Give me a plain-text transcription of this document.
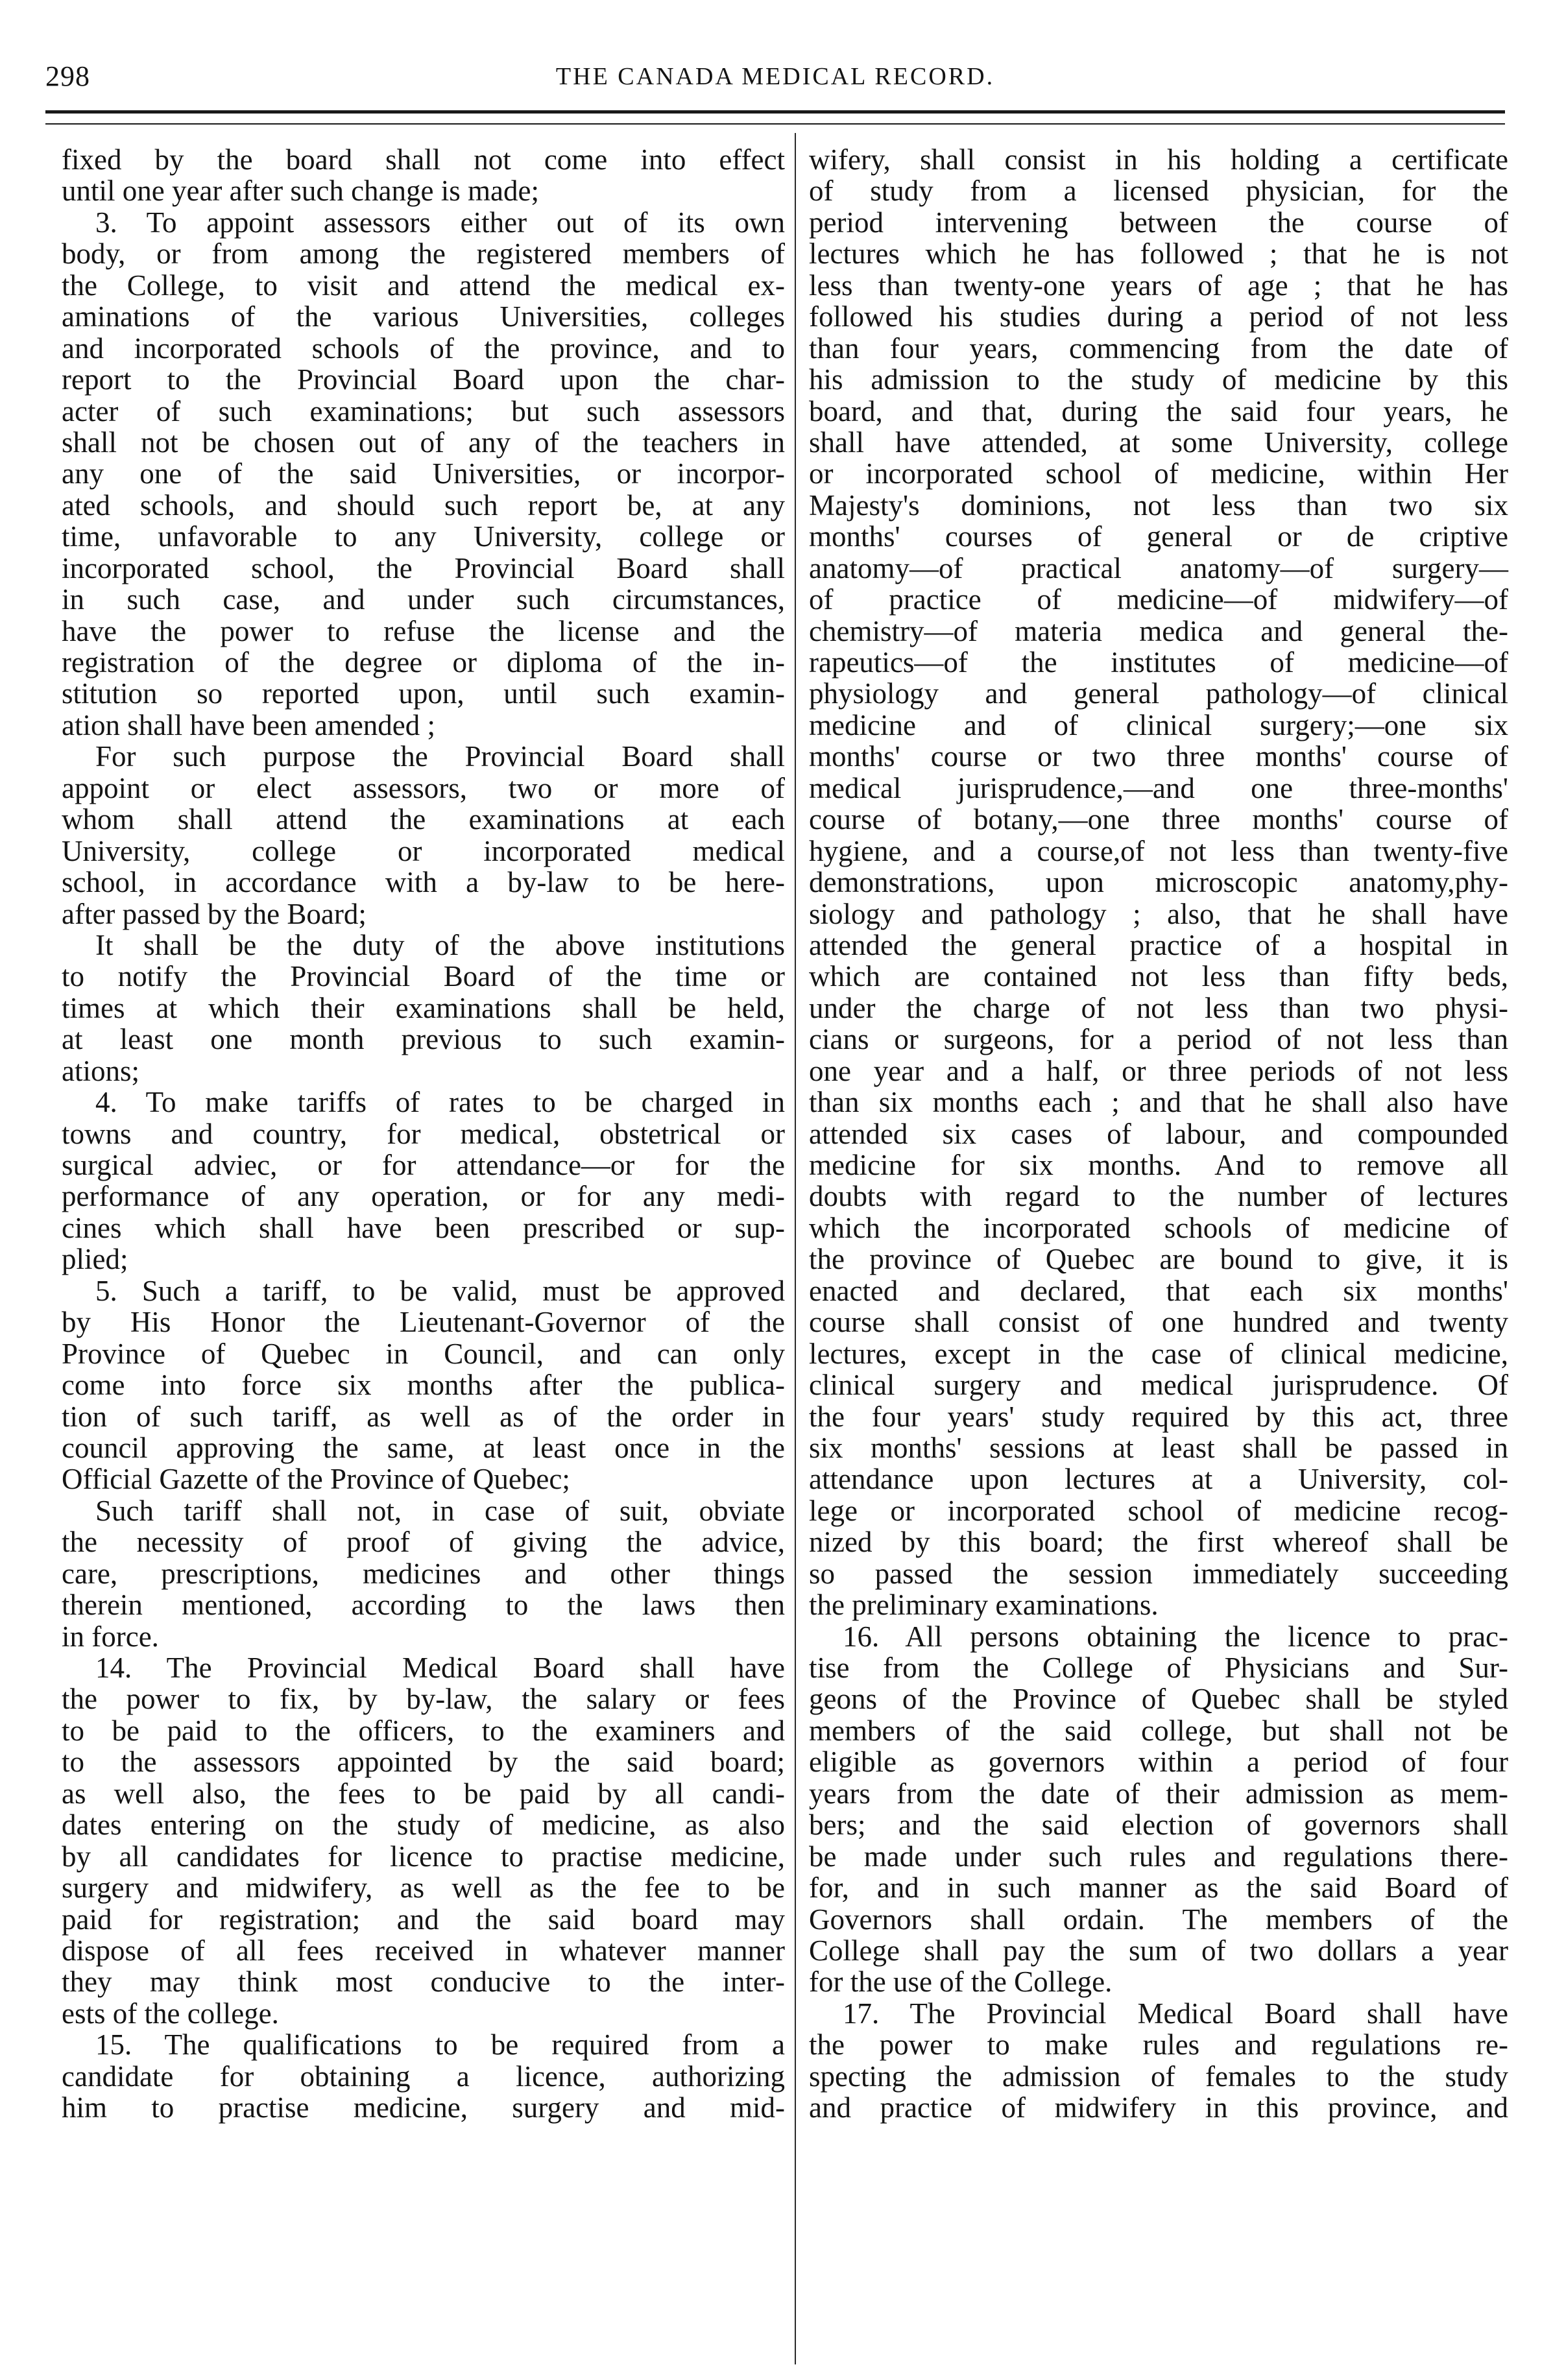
298	THE CANADA MEDICAL RECORD.
fixed by the board shall not come into effect
until one year after such change is made;
3. To appoint assessors either out of its own
body, or from among the registered members of
the College, to visit and attend the medical ex-
aminations of the various Universities, colleges
and incorporated schools of the province, and to
report to the Provincial Board upon the char-
acter of such examinations; but such assessors
shall not be chosen out of any of the teachers in
any one of the said Universities, or incorpor-
ated schools, and should such report be, at any
time, unfavorable to any University, college or
incorporated school, the Provincial Board shall
in such case, and under such circumstances,
have the power to refuse the license and the
registration of the degree or diploma of the in-
stitution so reported upon, until such examin-
ation shall have been amended ;
For such purpose the Provincial Board shall
appoint or elect assessors, two or more of
whom shall attend the examinations at each
University, college or incorporated medical
school, in accordance with a by-law to be here-
after passed by the Board;
It shall be the duty of the above institutions
to notify the Provincial Board of the time or
times at which their examinations shall be held,
at least one month previous to such examin-
ations;
4. To make tariffs of rates to be charged in
towns and country, for medical, obstetrical or
surgical adviec, or for attendance—or for the
performance of any operation, or for any medi-
cines which shall have been prescribed or sup-
plied;
5. Such a tariff, to be valid, must be approved
by His Honor the Lieutenant-Governor of the
Province of Quebec in Council, and can only
come into force six months after the publica-
tion of such tariff, as well as of the order in
council approving the same, at least once in the
Official Gazette of the Province of Quebec;
Such tariff shall not, in case of suit, obviate
the necessity of proof of giving the advice,
care, prescriptions, medicines and other things
therein mentioned, according to the laws then
in force.
14. The Provincial Medical Board shall have
the power to fix, by by-law, the salary or fees
to be paid to the officers, to the examiners and
to the assessors appointed by the said board;
as well also, the fees to be paid by all candi-
dates entering on the study of medicine, as also
by all candidates for licence to practise medicine,
surgery and midwifery, as well as the fee to be
paid for registration; and the said board may
dispose of all fees received in whatever manner
they may think most conducive to the inter-
ests of the college.
15. The qualifications to be required from a
candidate for obtaining a licence, authorizing
him to practise medicine, surgery and mid-
wifery, shall consist in his holding a certificate
of study from a licensed physician, for the
period intervening between the course of
lectures which he has followed ; that he is not
less than twenty-one years of age ; that he has
followed his studies during a period of not less
than four years, commencing from the date of
his admission to the study of medicine by this
board, and that, during the said four years, he
shall have attended, at some University, college
or incorporated school of medicine, within Her
Majesty's dominions, not less than two six
months' courses of general or de criptive
anatomy—of practical anatomy—of surgery—
of practice of medicine—of midwifery—of
chemistry—of materia medica and general the-
rapeutics—of the institutes of medicine—of
physiology and general pathology—of clinical
medicine and of clinical surgery;—one six
months' course or two three months' course of
medical jurisprudence,—and one three-months'
course of botany,—one three months' course of
hygiene, and a course,of not less than twenty-five
demonstrations, upon microscopic anatomy,phy-
siology and pathology ; also, that he shall have
attended the general practice of a hospital in
which are contained not less than fifty beds,
under the charge of not less than two physi-
cians or surgeons, for a period of not less than
one year and a half, or three periods of not less
than six months each ; and that he shall also have
attended six cases of labour, and compounded
medicine for six months. And to remove all
doubts with regard to the number of lectures
which the incorporated schools of medicine of
the province of Quebec are bound to give, it is
enacted and declared, that each six months'
course shall consist of one hundred and twenty
lectures, except in the case of clinical medicine,
clinical surgery and medical jurisprudence. Of
the four years' study required by this act, three
six months' sessions at least shall be passed in
attendance upon lectures at a University, col-
lege or incorporated school of medicine recog-
nized by this board; the first whereof shall be
so passed the session immediately succeeding
the preliminary examinations.
16. All persons obtaining the licence to prac-
tise from the College of Physicians and Sur-
geons of the Province of Quebec shall be styled
members of the said college, but shall not be
eligible as governors within a period of four
years from the date of their admission as mem-
bers; and the said election of governors shall
be made under such rules and regulations there-
for, and in such manner as the said Board of
Governors shall ordain. The members of the
College shall pay the sum of two dollars a year
for the use of the College.
17. The Provincial Medical Board shall have
the power to make rules and regulations re-
specting the admission of females to the study
and practice of midwifery in this province, and
